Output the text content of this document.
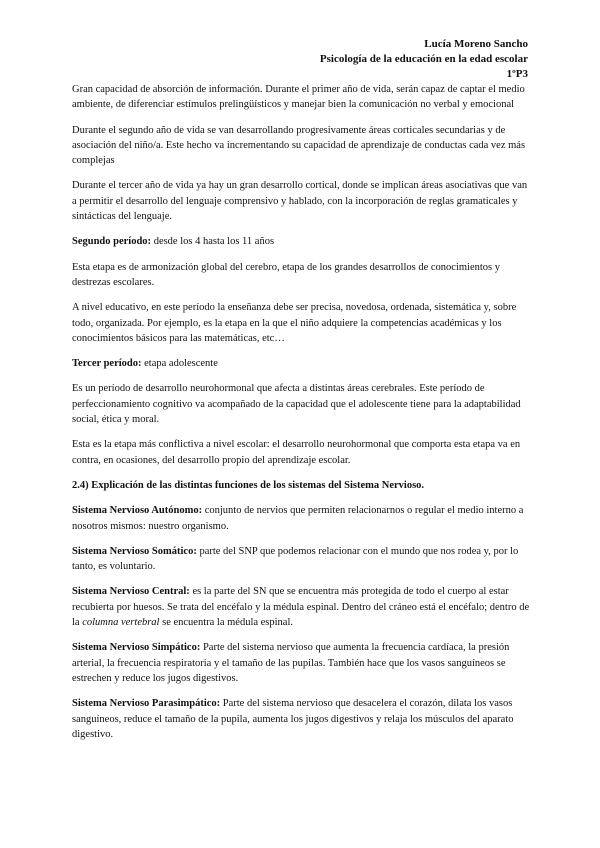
Lucía Moreno Sancho
Psicología de la educación en la edad escolar
1ºP3

Gran capacidad de absorción de información. Durante el primer año de vida, serán capaz de captar el medio ambiente, de diferenciar estímulos prelingüísticos y manejar bien la comunicación no verbal y emocional

Durante el segundo año de vida se van desarrollando progresivamente áreas corticales secundarias y de asociación del niño/a. Este hecho va incrementando su capacidad de aprendizaje de conductas cada vez más complejas

Durante el tercer año de vida ya hay un gran desarrollo cortical, donde se implican áreas asociativas que van a permitir el desarrollo del lenguaje comprensivo y hablado, con la incorporación de reglas gramaticales y sintácticas del lenguaje.

Segundo período: desde los 4 hasta los 11 años

Esta etapa es de armonización global del cerebro, etapa de los grandes desarrollos de conocimientos y destrezas escolares.

A nivel educativo, en este período la enseñanza debe ser precisa, novedosa, ordenada, sistemática y, sobre todo, organizada. Por ejemplo, es la etapa en la que el niño adquiere la competencias académicas y los conocimientos básicos para las matemáticas, etc…

Tercer período: etapa adolescente

Es un período de desarrollo neurohormonal que afecta a distintas áreas cerebrales. Este período de perfeccionamiento cognitivo va acompañado de la capacidad que el adolescente tiene para la adaptabilidad social, ética y moral.

Esta es la etapa más conflictiva a nivel escolar: el desarrollo neurohormonal que comporta esta etapa va en contra, en ocasiones, del desarrollo propio del aprendizaje escolar.

2.4) Explicación de las distintas funciones de los sistemas del Sistema Nervioso.

Sistema Nervioso Autónomo: conjunto de nervios que permiten relacionarnos o regular el medio interno a nosotros mismos: nuestro organismo.

Sistema Nervioso Somático: parte del SNP que podemos relacionar con el mundo que nos rodea y, por lo tanto, es voluntario.

Sistema Nervioso Central: es la parte del SN que se encuentra más protegida de todo el cuerpo al estar recubierta por huesos. Se trata del encéfalo y la médula espinal. Dentro del cráneo está el encéfalo; dentro de la columna vertebral se encuentra la médula espinal.

Sistema Nervioso Simpático: Parte del sistema nervioso que aumenta la frecuencia cardíaca, la presión arterial, la frecuencia respiratoria y el tamaño de las pupilas. También hace que los vasos sanguíneos se estrechen y reduce los jugos digestivos.

Sistema Nervioso Parasimpático: Parte del sistema nervioso que desacelera el corazón, dilata los vasos sanguíneos, reduce el tamaño de la pupila, aumenta los jugos digestivos y relaja los músculos del aparato digestivo.
